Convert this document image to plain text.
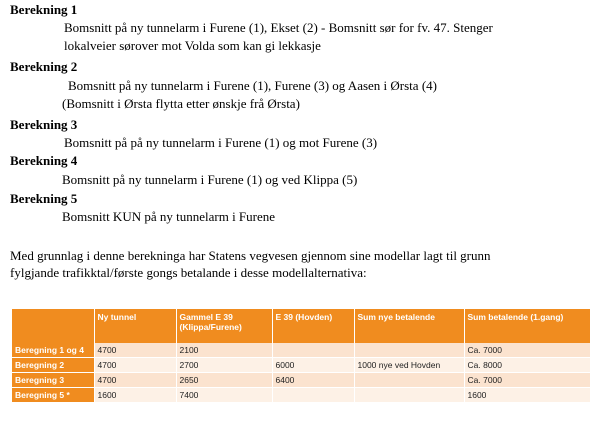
Berekning 1
Bomsnitt på ny tunnelarm i Furene (1), Ekset (2) - Bomsnitt sør for fv. 47. Stenger
lokalveier sørover mot Volda som kan gi lekkasje
Berekning 2
Bomsnitt på ny tunnelarm i Furene (1), Furene (3) og Aasen i Ørsta (4)
(Bomsnitt i Ørsta flytta etter ønskje frå Ørsta)
Berekning 3
Bomsnitt på på ny tunnelarm i Furene (1) og mot Furene (3)
Berekning 4
Bomsnitt på ny tunnelarm i Furene (1) og ved Klippa (5)
Berekning 5
Bomsnitt KUN på ny tunnelarm i Furene

Med grunnlag i denne berekninga har Statens vegvesen gjennom sine modellar lagt til grunn

fylgjande trafikktal/første gongs betalande i desse modellalternativa:

	Ny tunnel	Gammel E 39 (Klippa/Furene)	E 39 (Hovden)	Sum nye betalende	Sum betalende (1.gang)
Beregning 1 og 4	4700	2100			Ca. 7000
Beregning 2	4700	2700	6000	1000 nye ved Hovden	Ca. 8000
Beregning 3	4700	2650	6400		Ca. 7000
Beregning 5 *	1600	7400			1600
